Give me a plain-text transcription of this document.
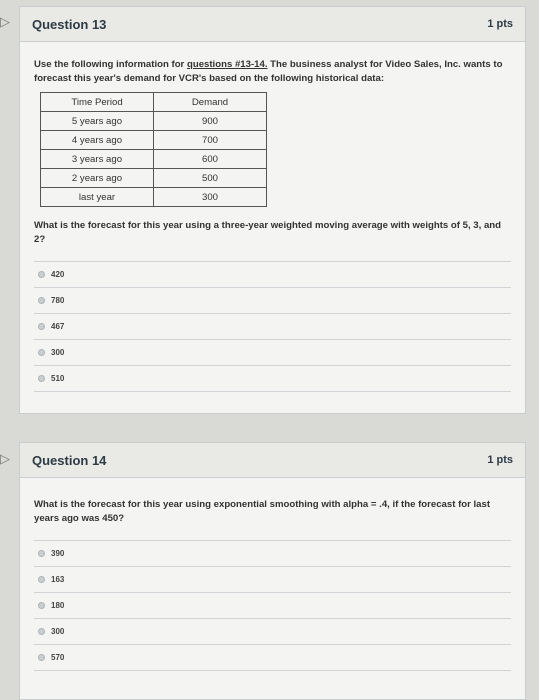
▷	Question 13	1 pts
Use the following information for questions #13-14. The business analyst for Video Sales, Inc. wants to forecast this year's demand for VCR's based on the following historical data:
Time Period	Demand
5 years ago	900
4 years ago	700
3 years ago	600
2 years ago	500
last year	300
What is the forecast for this year using a three-year weighted moving average with weights of 5, 3, and 2?
420
780
467
300
510
▷	Question 14	1 pts
What is the forecast for this year using exponential smoothing with alpha = .4, if the forecast for last years ago was 450?
390
163
180
300
570
